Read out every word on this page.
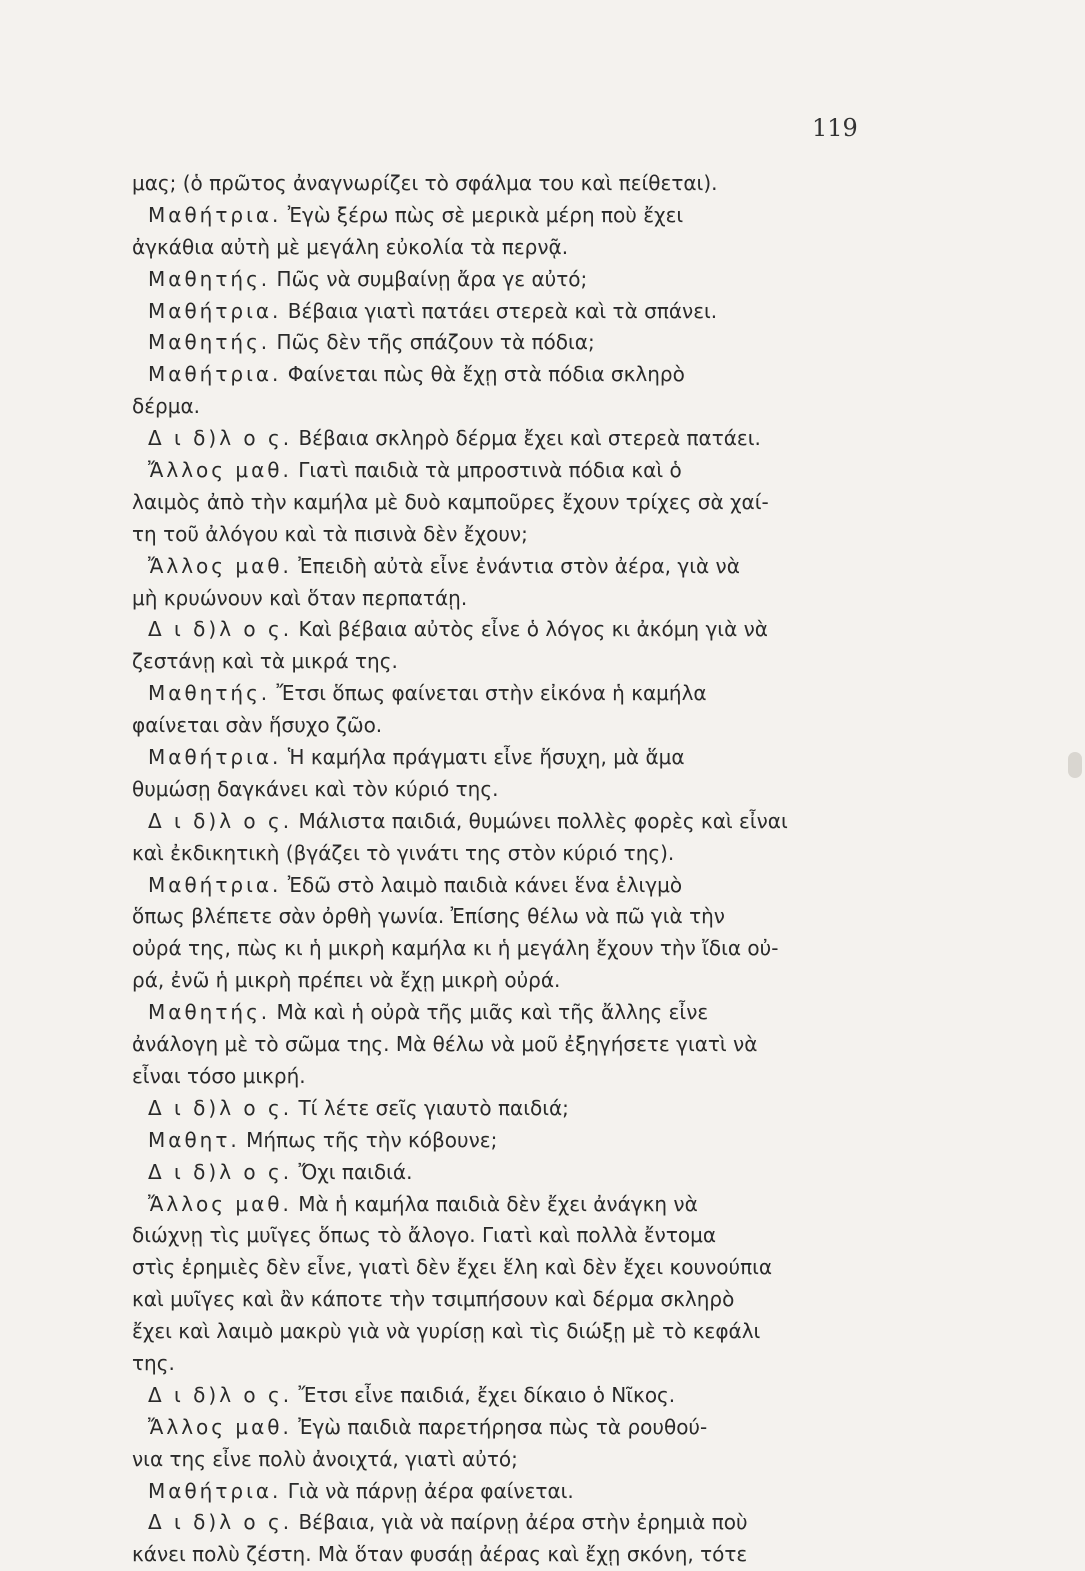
119
μας; (ὁ πρῶτος ἀναγνωρίζει τὸ σφάλμα του καὶ πείθεται).
Μαθήτρια. Ἐγὼ ξέρω πὼς σὲ μερικὰ μέρη ποὺ ἔχει
ἀγκάθια αὐτὴ μὲ μεγάλη εὐκολία τὰ περνᾷ.
Μαθητής. Πῶς νὰ συμβαίνῃ ἄρα γε αὐτό;
Μαθήτρια. Βέβαια γιατὶ πατάει στερεὰ καὶ τὰ σπάνει.
Μαθητής. Πῶς δὲν τῆς σπάζουν τὰ πόδια;
Μαθήτρια. Φαίνεται πὼς θὰ ἔχῃ στὰ πόδια σκληρὸ
δέρμα.
Δ ι δ)λ ο ς. Βέβαια σκληρὸ δέρμα ἔχει καὶ στερεὰ πατάει.
Ἄλλος μαθ. Γιατὶ παιδιὰ τὰ μπροστινὰ πόδια καὶ ὁ
λαιμὸς ἀπὸ τὴν καμήλα μὲ δυὸ καμποῦρες ἔχουν τρίχες σὰ χαί-
τη τοῦ ἀλόγου καὶ τὰ πισινὰ δὲν ἔχουν;
Ἄλλος μαθ. Ἐπειδὴ αὐτὰ εἶνε ἐνάντια στὸν ἀέρα, γιὰ νὰ
μὴ κρυώνουν καὶ ὅταν περπατάῃ.
Δ ι δ)λ ο ς. Καὶ βέβαια αὐτὸς εἶνε ὁ λόγος κι ἀκόμη γιὰ νὰ
ζεστάνῃ καὶ τὰ μικρά της.
Μαθητής. Ἔτσι ὅπως φαίνεται στὴν εἰκόνα ἡ καμήλα
φαίνεται σὰν ἥσυχο ζῶο.
Μαθήτρια. Ἡ καμήλα πράγματι εἶνε ἥσυχη, μὰ ἅμα
θυμώσῃ δαγκάνει καὶ τὸν κύριό της.
Δ ι δ)λ ο ς. Μάλιστα παιδιά, θυμώνει πολλὲς φορὲς καὶ εἶναι
καὶ ἐκδικητικὴ (βγάζει τὸ γινάτι της στὸν κύριό της).
Μαθήτρια. Ἐδῶ στὸ λαιμὸ παιδιὰ κάνει ἕνα ἑλιγμὸ
ὅπως βλέπετε σὰν ὀρθὴ γωνία. Ἐπίσης θέλω νὰ πῶ γιὰ τὴν
οὐρά της, πὼς κι ἡ μικρὴ καμήλα κι ἡ μεγάλη ἔχουν τὴν ἴδια οὐ-
ρά, ἐνῶ ἡ μικρὴ πρέπει νὰ ἔχῃ μικρὴ οὐρά.
Μαθητής. Μὰ καὶ ἡ οὐρὰ τῆς μιᾶς καὶ τῆς ἄλλης εἶνε
ἀνάλογη μὲ τὸ σῶμα της. Μὰ θέλω νὰ μοῦ ἐξηγήσετε γιατὶ νὰ
εἶναι τόσο μικρή.
Δ ι δ)λ ο ς. Τί λέτε σεῖς γιαυτὸ παιδιά;
Μαθητ. Μήπως τῆς τὴν κόβουνε;
Δ ι δ)λ ο ς. Ὄχι παιδιά.
Ἄλλος μαθ. Μὰ ἡ καμήλα παιδιὰ δὲν ἔχει ἀνάγκη νὰ
διώχνῃ τὶς μυῖγες ὅπως τὸ ἄλογο. Γιατὶ καὶ πολλὰ ἔντομα
στὶς ἐρημιὲς δὲν εἶνε, γιατὶ δὲν ἔχει ἕλη καὶ δὲν ἔχει κουνούπια
καὶ μυῖγες καὶ ἂν κάποτε τὴν τσιμπήσουν καὶ δέρμα σκληρὸ
ἔχει καὶ λαιμὸ μακρὺ γιὰ νὰ γυρίσῃ καὶ τὶς διώξῃ μὲ τὸ κεφάλι
της.
Δ ι δ)λ ο ς. Ἔτσι εἶνε παιδιά, ἔχει δίκαιο ὁ Νῖκος.
Ἄλλος μαθ. Ἐγὼ παιδιὰ παρετήρησα πὼς τὰ ρουθού-
νια της εἶνε πολὺ ἀνοιχτά, γιατὶ αὐτό;
Μαθήτρια. Γιὰ νὰ πάρνῃ ἀέρα φαίνεται.
Δ ι δ)λ ο ς. Βέβαια, γιὰ νὰ παίρνῃ ἀέρα στὴν ἐρημιὰ ποὺ
κάνει πολὺ ζέστη. Μὰ ὅταν φυσάῃ ἀέρας καὶ ἔχῃ σκόνη, τότε
